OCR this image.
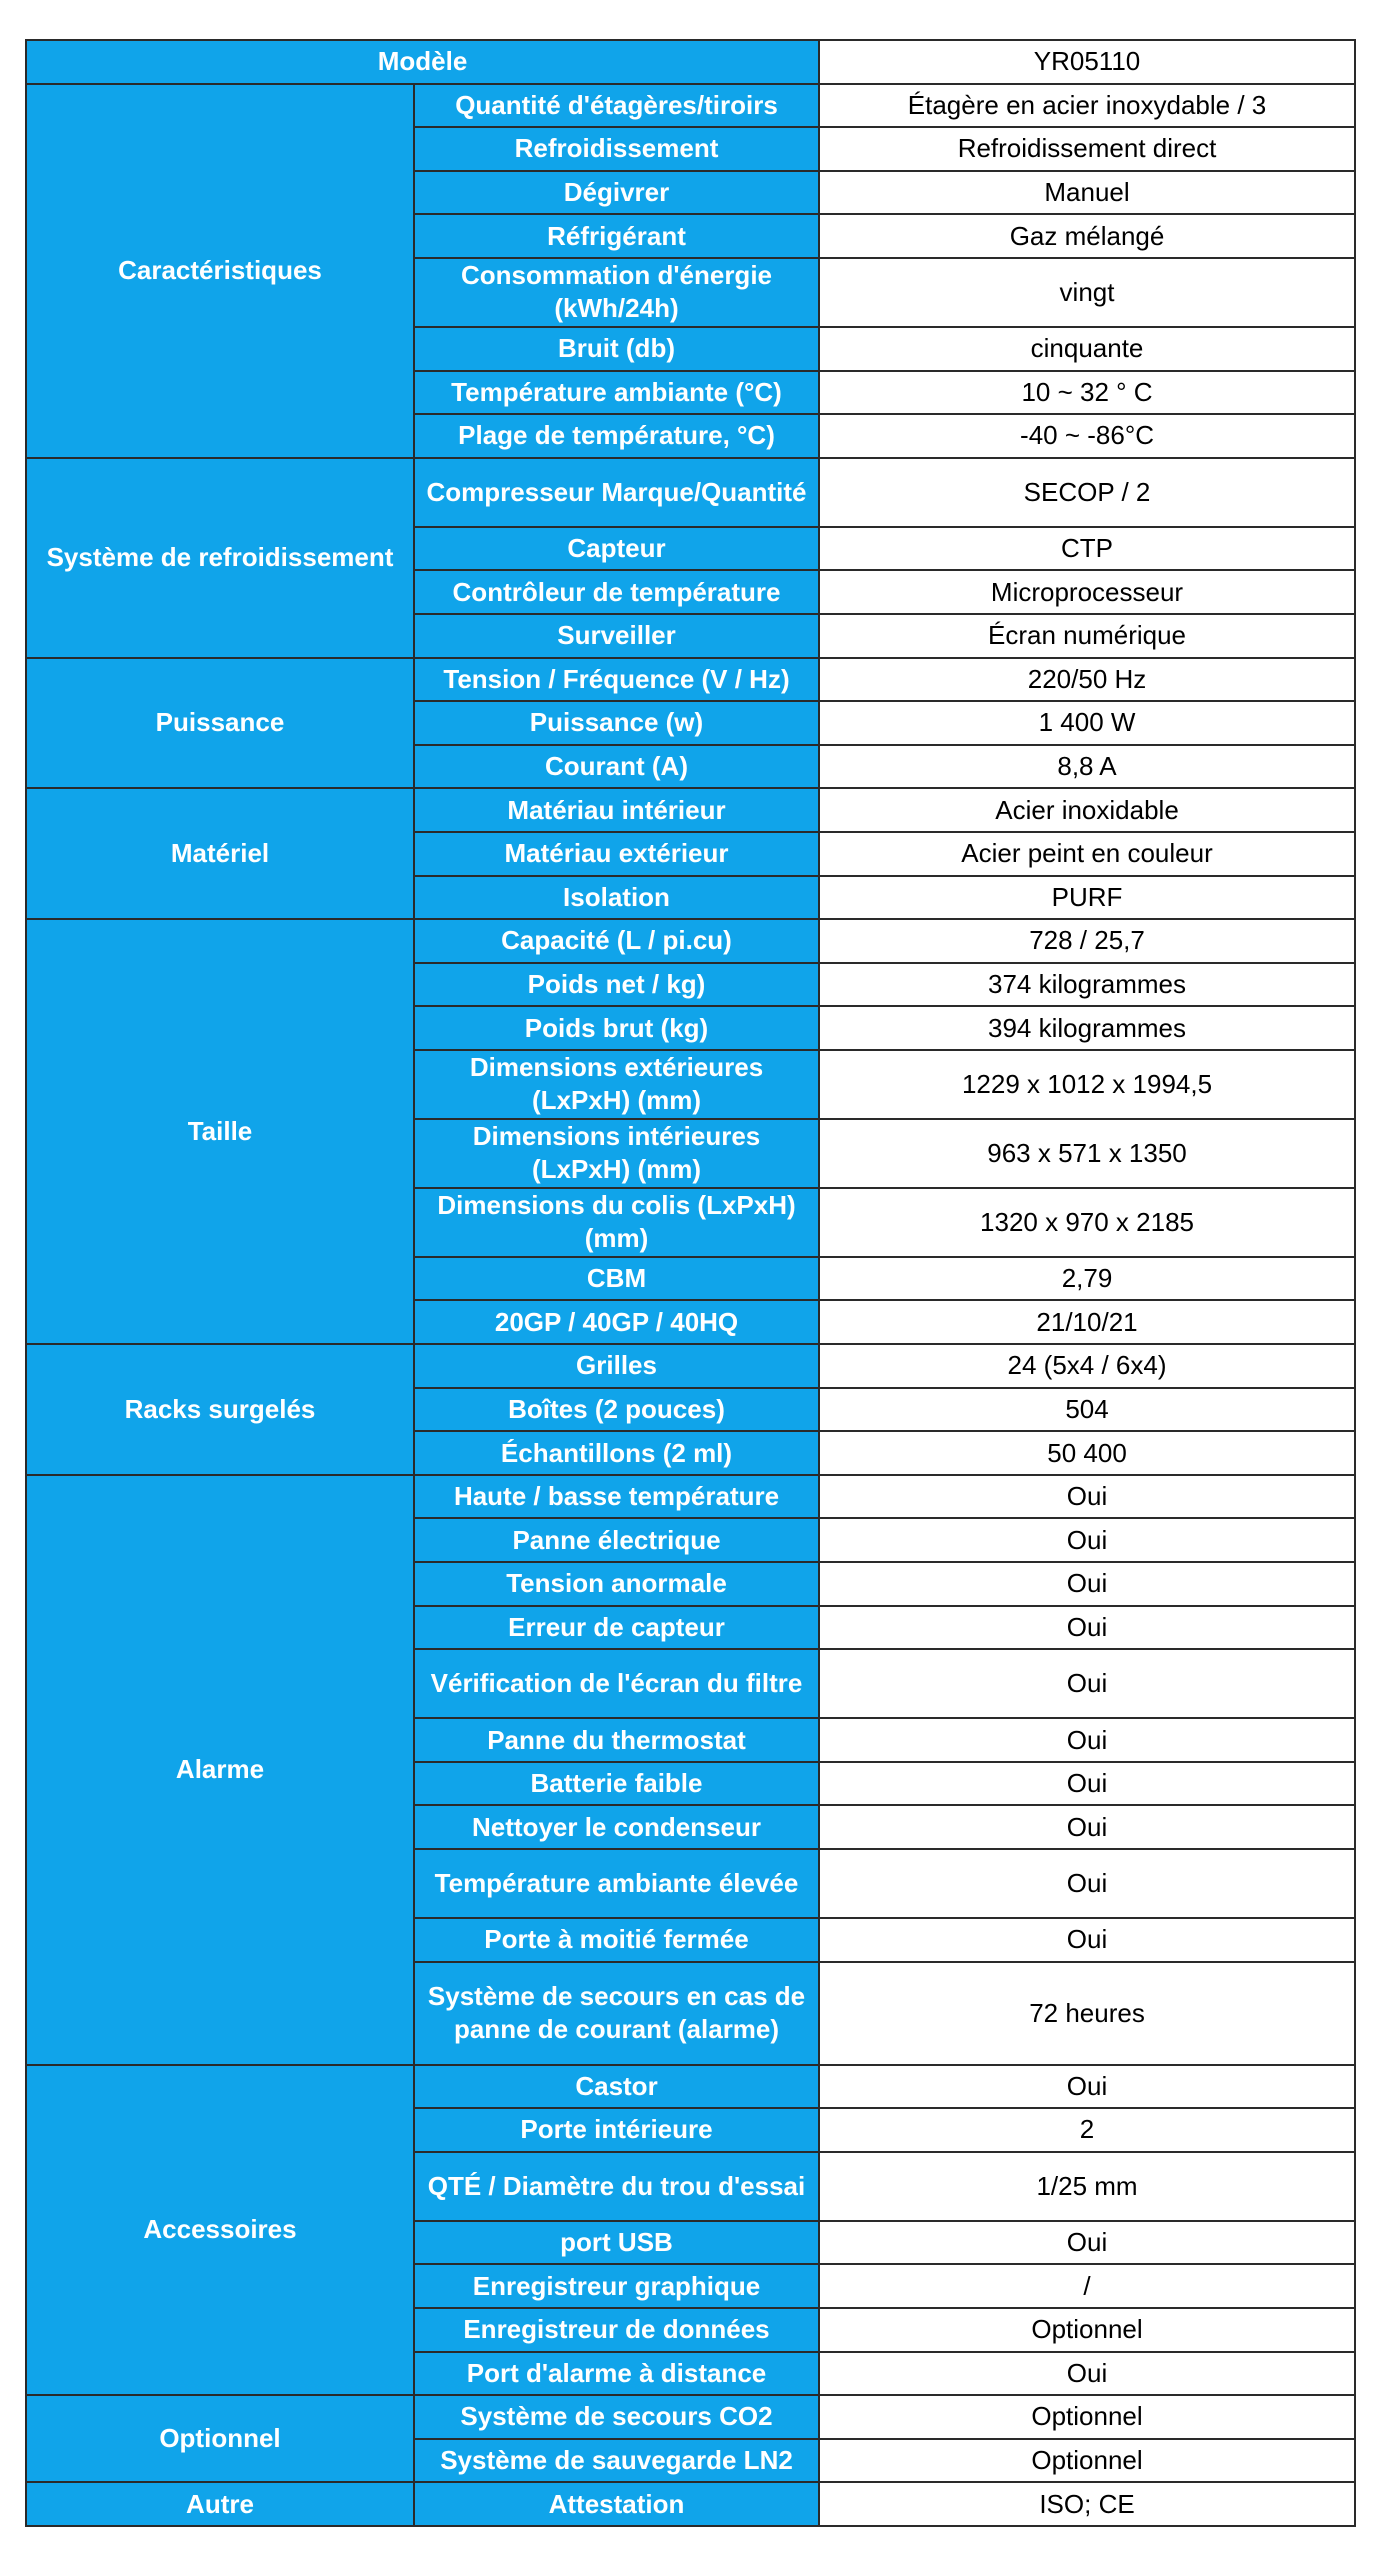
Modèle		YR05110
Caractéristiques	Quantité d'étagères/tiroirs	Étagère en acier inoxydable / 3
	Refroidissement	Refroidissement direct
	Dégivrer	Manuel
	Réfrigérant	Gaz mélangé
	Consommation d'énergie (kWh/24h)	vingt
	Bruit (db)	cinquante
	Température ambiante (°C)	10 ~ 32 ° C
	Plage de température, °C)	-40 ~ -86°C
Système de refroidissement	Compresseur Marque/Quantité	SECOP / 2
	Capteur	CTP
	Contrôleur de température	Microprocesseur
	Surveiller	Écran numérique
Puissance	Tension / Fréquence (V / Hz)	220/50 Hz
	Puissance (w)	1 400 W
	Courant (A)	8,8 A
Matériel	Matériau intérieur	Acier inoxidable
	Matériau extérieur	Acier peint en couleur
	Isolation	PURF
Taille	Capacité (L / pi.cu)	728 / 25,7
	Poids net / kg)	374 kilogrammes
	Poids brut (kg)	394 kilogrammes
	Dimensions extérieures (LxPxH) (mm)	1229 x 1012 x 1994,5
	Dimensions intérieures (LxPxH) (mm)	963 x 571 x 1350
	Dimensions du colis (LxPxH) (mm)	1320 x 970 x 2185
	CBM	2,79
	20GP / 40GP / 40HQ	21/10/21
Racks surgelés	Grilles	24 (5x4 / 6x4)
	Boîtes (2 pouces)	504
	Échantillons (2 ml)	50 400
Alarme	Haute / basse température	Oui
	Panne électrique	Oui
	Tension anormale	Oui
	Erreur de capteur	Oui
	Vérification de l'écran du filtre	Oui
	Panne du thermostat	Oui
	Batterie faible	Oui
	Nettoyer le condenseur	Oui
	Température ambiante élevée	Oui
	Porte à moitié fermée	Oui
	Système de secours en cas de panne de courant (alarme)	72 heures
Accessoires	Castor	Oui
	Porte intérieure	2
	QTÉ / Diamètre du trou d'essai	1/25 mm
	port USB	Oui
	Enregistreur graphique	/
	Enregistreur de données	Optionnel
	Port d'alarme à distance	Oui
Optionnel	Système de secours CO2	Optionnel
	Système de sauvegarde LN2	Optionnel
Autre	Attestation	ISO; CE
